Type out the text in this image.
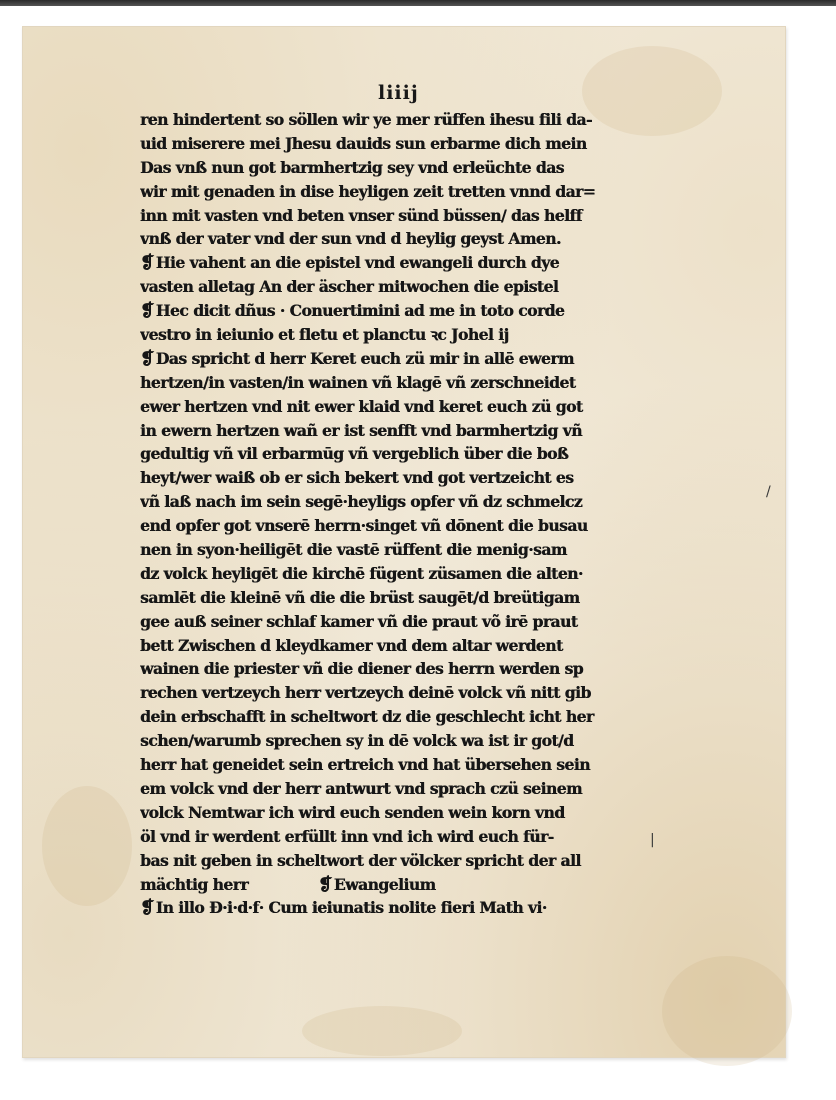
liiij
ren hindertent so söllen wir ye mer rüffen ihesu fili da-
uid miserere mei Jhesu dauids sun erbarme dich mein
Das vnß nun got barmhertzig sey vnd erleüchte das
wir mit genaden in dise heyligen zeit tretten vnnd dar=
inn mit vasten vnd beten vnser sünd büssen/ das helff
vnß der vater vnd der sun vnd d heylig geyst Amen.
❡ Hie vahent an die epistel vnd ewangeli durch dye
vasten alletag An der äscher mitwochen die epistel
❡ Hec dicit dñus · Conuertimini ad me in toto corde
vestro in ieiunio et fletu et planctu ꝛc Johel ij
❡ Das spricht d herr Keret euch zü mir in allē ewerm
hertzen/in vasten/in wainen vñ klagē vñ zerschneidet
ewer hertzen vnd nit ewer klaid vnd keret euch zü got
in ewern hertzen wañ er ist senfft vnd barmhertzig vñ
gedultig vñ vil erbarmūg vñ vergeblich über die boß
heyt/wer waiß ob er sich bekert vnd got vertzeicht es
vñ laß nach im sein segē·heyligs opfer vñ dz schmelcz
end opfer got vnserē herrn·singet vñ dōnent die busau
nen in syon·heiligēt die vastē rüffent die menig·sam
dz volck heyligēt die kirchē fügent züsamen die alten·
samlēt die kleinē vñ die die brüst saugēt/d breütigam
gee auß seiner schlaf kamer vñ die praut võ irē praut
bett Zwischen d kleydkamer vnd dem altar werdent
wainen die priester vñ die diener des herrn werden sp
rechen vertzeych herr vertzeych deinē volck vñ nitt gib
dein erbschafft in scheltwort dz die geschlecht icht her
schen/warumb sprechen sy in dē volck wa ist ir got/d
herr hat geneidet sein ertreich vnd hat übersehen sein
em volck vnd der herr antwurt vnd sprach czü seinem
volck Nemtwar ich wird euch senden wein korn vnd
öl vnd ir werdent erfüllt inn vnd ich wird euch für-
bas nit geben in scheltwort der völcker spricht der all
mächtig herr	❡ Ewangelium
❡ In illo Ð·i·d·f· Cum ieiunatis nolite fieri Math vi·
/
|
